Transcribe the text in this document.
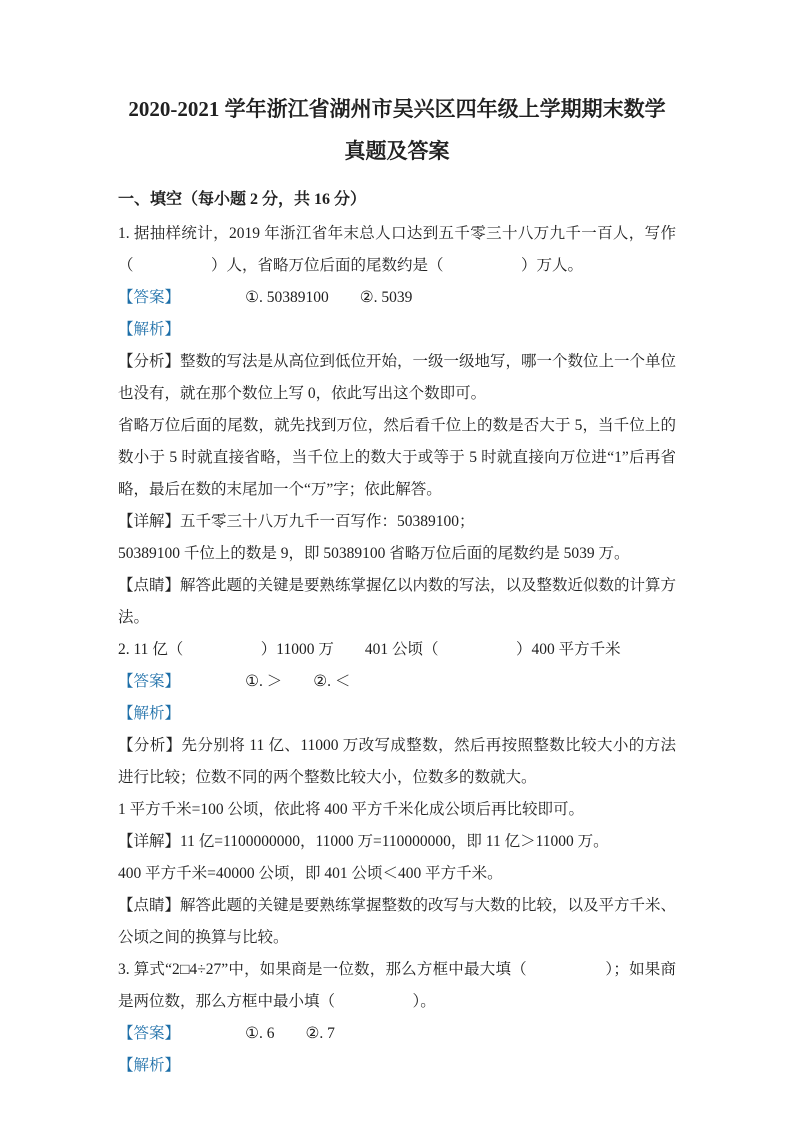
2020-2021 学年浙江省湖州市吴兴区四年级上学期期末数学
真题及答案
一、填空（每小题 2 分，共 16 分）

1. 据抽样统计，2019 年浙江省年末总人口达到五千零三十八万九千一百人，写作（　　　　　）人，省略万位后面的尾数约是（　　　　　）万人。

【答案】	①. 50389100　　②. 5039

【解析】

【分析】整数的写法是从高位到低位开始，一级一级地写，哪一个数位上一个单位也没有，就在那个数位上写 0，依此写出这个数即可。

省略万位后面的尾数，就先找到万位，然后看千位上的数是否大于 5，当千位上的数小于 5 时就直接省略，当千位上的数大于或等于 5 时就直接向万位进“1”后再省略，最后在数的末尾加一个“万”字；依此解答。

【详解】五千零三十八万九千一百写作：50389100；

50389100 千位上的数是 9，即 50389100 省略万位后面的尾数约是 5039 万。

【点睛】解答此题的关键是要熟练掌握亿以内数的写法，以及整数近似数的计算方法。

2. 11 亿（　　　　　）11000 万　　401 公顷（　　　　　）400 平方千米

【答案】	①. ＞　　②. ＜

【解析】

【分析】先分别将 11 亿、11000 万改写成整数，然后再按照整数比较大小的方法进行比较；位数不同的两个整数比较大小，位数多的数就大。

1 平方千米=100 公顷，依此将 400 平方千米化成公顷后再比较即可。

【详解】11 亿=1100000000，11000 万=110000000，即 11 亿＞11000 万。

400 平方千米=40000 公顷，即 401 公顷＜400 平方千米。

【点睛】解答此题的关键是要熟练掌握整数的改写与大数的比较，以及平方千米、公顷之间的换算与比较。

3. 算式“2□4÷27”中，如果商是一位数，那么方框中最大填（　　　　　）；如果商是两位数，那么方框中最小填（　　　　　）。

【答案】	①. 6　　②. 7

【解析】
